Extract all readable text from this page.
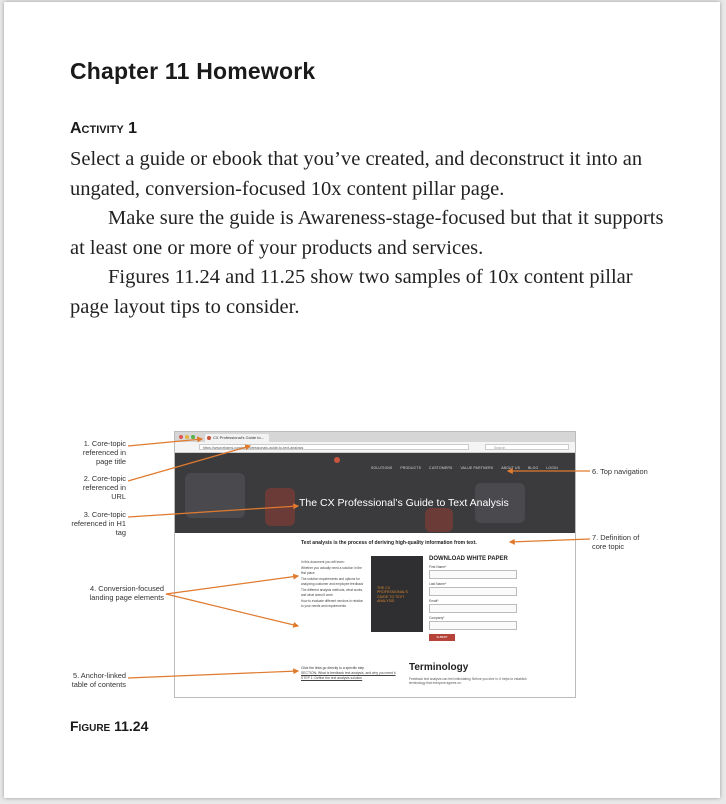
Chapter 11 Homework
Activity 1

Select a guide or ebook that you’ve created, and deconstruct it into an ungated, conversion-focused 10x content pillar page.

Make sure the guide is Awareness-stage-focused but that it supports at least one or more of your products and services.

Figures 11.24 and 11.25 show two samples of 10x content pillar page layout tips to consider.

1. Core-topic referenced in page title
2. Core-topic referenced in URL
3. Core-topic referenced in H1 tag
4. Conversion-focused landing page elements
5. Anchor-linked table of contents
6. Top navigation
7. Definition of core topic
CX Professional’s Guide to...
https://www.ebams.com/cx-professionals-guide-to-text-analysis	Search
SOLUTIONS PRODUCTS CUSTOMERS VALUE PARTNERS ABOUT US BLOG LOGIN
The CX Professional’s Guide to Text Analysis
Text analysis is the process of deriving high-quality information from text.
In this document you will learn:
Whether you actually need a solution in the first place
The solution requirements and options for analyzing customer and employee feedback
The different analysis methods, what works, and what doesn’t work
How to evaluate different vendors in relation to your needs and requirements
THE CX PROFESSIONAL’S GUIDE TO TEXT ANALYSIS
DOWNLOAD WHITE PAPER
First Name*
Last Name*
Email*
Company*
SUBMIT
Click the links go directly to a specific step
SECTION: What is feedback text analysis, and why you need it
STEP 1: Define the text analysis solution
Terminology
Feedback text analysis can feel intimidating. Before you dive in, it helps to establish terminology that everyone agrees on.
Figure 11.24
